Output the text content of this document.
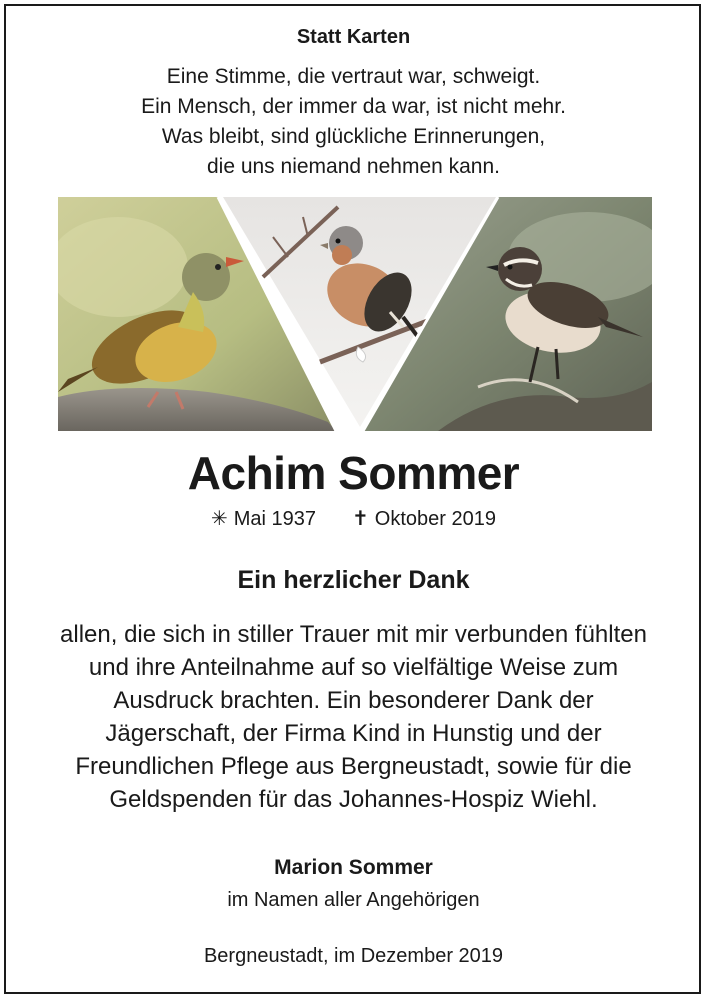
Statt Karten
Eine Stimme, die vertraut war, schweigt.
Ein Mensch, der immer da war, ist nicht mehr.
Was bleibt, sind glückliche Erinnerungen,
die uns niemand nehmen kann.
Achim Sommer
✳ Mai 1937 ✝ Oktober 2019
Ein herzlicher Dank
allen, die sich in stiller Trauer mit mir verbunden fühlten
und ihre Anteilnahme auf so vielfältige Weise zum
Ausdruck brachten. Ein besonderer Dank der
Jägerschaft, der Firma Kind in Hunstig und der
Freundlichen Pflege aus Bergneustadt, sowie für die
Geldspenden für das Johannes-Hospiz Wiehl.
Marion Sommer
im Namen aller Angehörigen
Bergneustadt, im Dezember 2019
